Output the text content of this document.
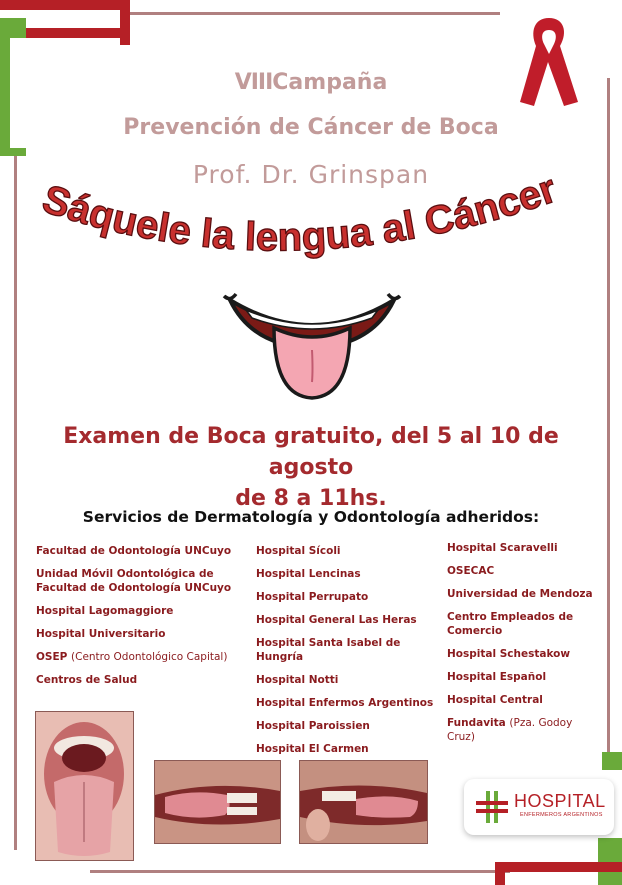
VIIICampaña
Prevención de Cáncer de Boca
Prof. Dr. Grinspan
Sáquele la lengua al Cáncer
Examen de Boca gratuito, del 5 al 10 de agosto
de 8 a 11hs.
Servicios de Dermatología y Odontología adheridos:
Facultad de Odontología UNCuyo
Unidad Móvil Odontológica de Facultad de Odontología UNCuyo
Hospital Lagomaggiore
Hospital Universitario
OSEP (Centro Odontológico Capital)
Centros de Salud
Hospital Sícoli
Hospital Lencinas
Hospital Perrupato
Hospital General Las Heras
Hospital Santa Isabel de Hungría
Hospital Notti
Hospital Enfermos Argentinos
Hospital Paroissien
Hospital El Carmen
Hospital Scaravelli
OSECAC
Universidad de Mendoza
Centro Empleados de Comercio
Hospital Schestakow
Hospital Español
Hospital Central
Fundavita (Pza. Godoy Cruz)
HOSPITAL
ENFERMEROS ARGENTINOS
